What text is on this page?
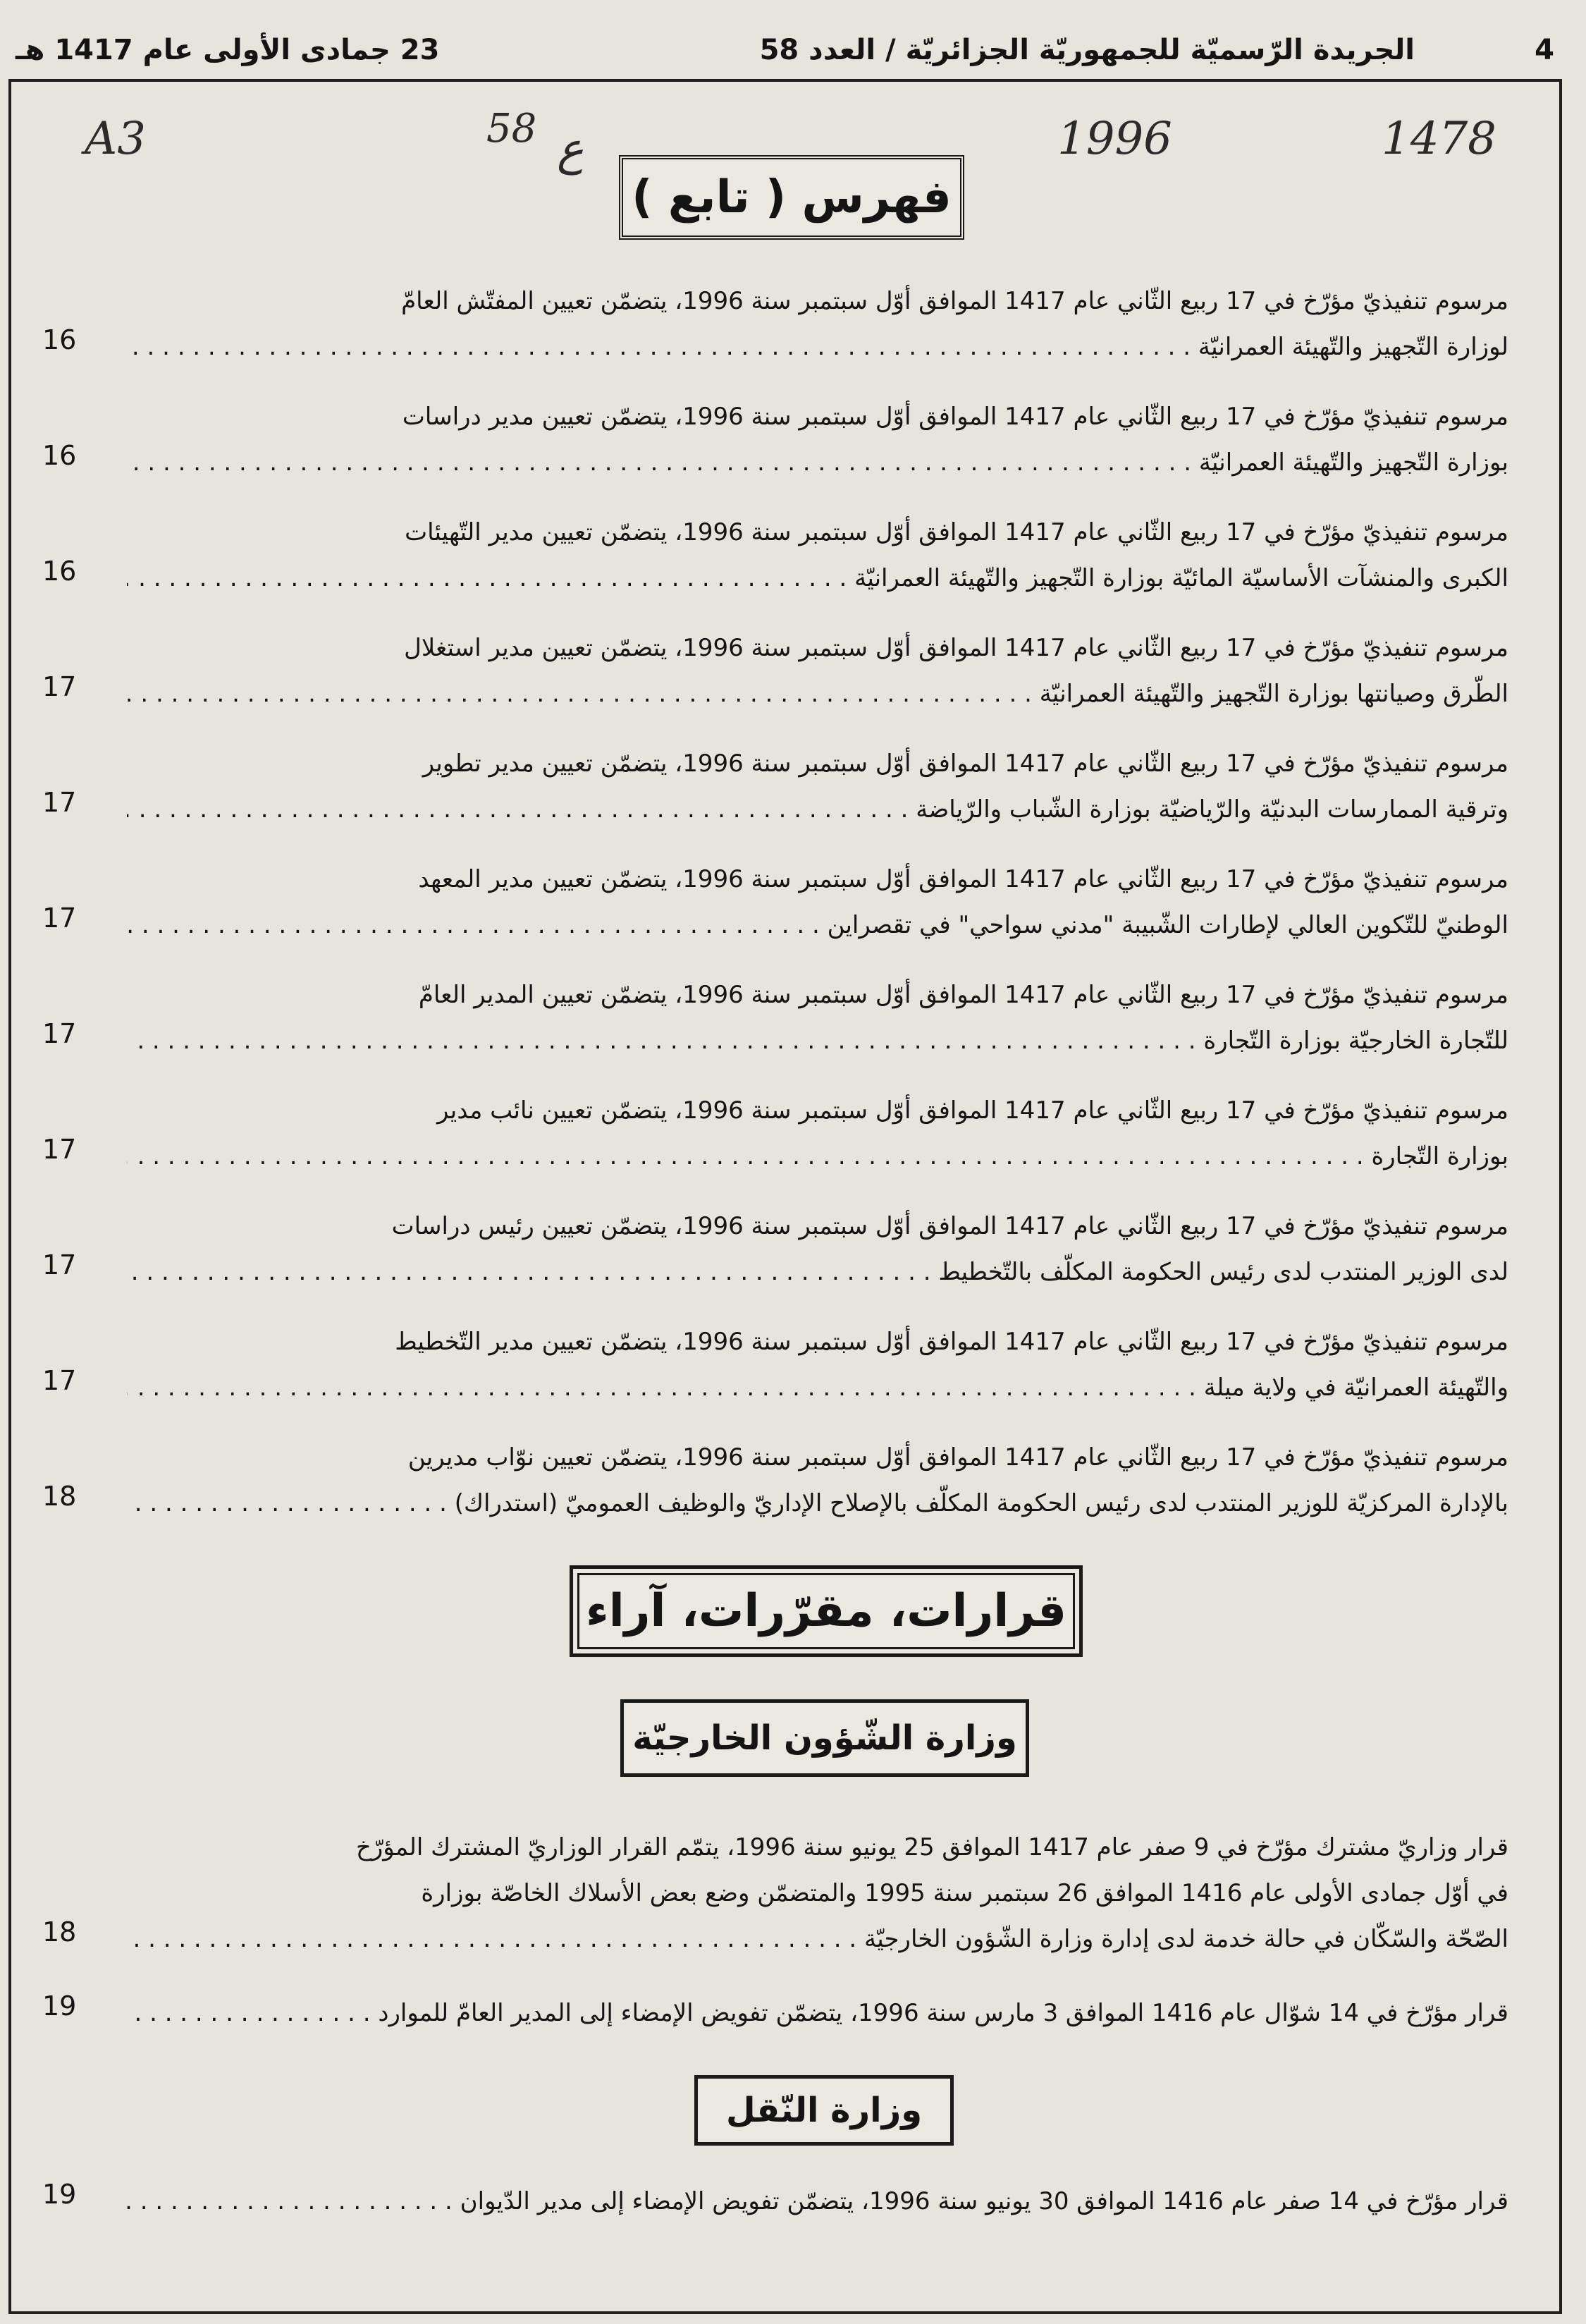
4
الجريدة الرّسميّة للجمهوريّة الجزائريّة / العدد 58
23 جمادى الأولى عام 1417 هـ
A3	58 ع	1996	1478
فهرس ( تابع )
مرسوم تنفيذيّ مؤرّخ في 17 ربيع الثّاني عام 1417 الموافق أوّل سبتمبر سنة 1996، يتضمّن تعيين المفتّش العامّ
لوزارة التّجهيز والتّهيئة العمرانيّة . . .
16
مرسوم تنفيذيّ مؤرّخ في 17 ربيع الثّاني عام 1417 الموافق أوّل سبتمبر سنة 1996، يتضمّن تعيين مدير دراسات
بوزارة التّجهيز والتّهيئة العمرانيّة . . .
16
مرسوم تنفيذيّ مؤرّخ في 17 ربيع الثّاني عام 1417 الموافق أوّل سبتمبر سنة 1996، يتضمّن تعيين مدير التّهيئات
الكبرى والمنشآت الأساسيّة المائيّة بوزارة التّجهيز والتّهيئة العمرانيّة . . .
16
مرسوم تنفيذيّ مؤرّخ في 17 ربيع الثّاني عام 1417 الموافق أوّل سبتمبر سنة 1996، يتضمّن تعيين مدير استغلال
الطّرق وصيانتها بوزارة التّجهيز والتّهيئة العمرانيّة . . .
17
مرسوم تنفيذيّ مؤرّخ في 17 ربيع الثّاني عام 1417 الموافق أوّل سبتمبر سنة 1996، يتضمّن تعيين مدير تطوير
وترقية الممارسات البدنيّة والرّياضيّة بوزارة الشّباب والرّياضة . . .
17
مرسوم تنفيذيّ مؤرّخ في 17 ربيع الثّاني عام 1417 الموافق أوّل سبتمبر سنة 1996، يتضمّن تعيين مدير المعهد
الوطنيّ للتّكوين العالي لإطارات الشّبيبة "مدني سواحي" في تقصراين . . .
17
مرسوم تنفيذيّ مؤرّخ في 17 ربيع الثّاني عام 1417 الموافق أوّل سبتمبر سنة 1996، يتضمّن تعيين المدير العامّ
للتّجارة الخارجيّة بوزارة التّجارة . . .
17
مرسوم تنفيذيّ مؤرّخ في 17 ربيع الثّاني عام 1417 الموافق أوّل سبتمبر سنة 1996، يتضمّن تعيين نائب مدير
بوزارة التّجارة . . .
17
مرسوم تنفيذيّ مؤرّخ في 17 ربيع الثّاني عام 1417 الموافق أوّل سبتمبر سنة 1996، يتضمّن تعيين رئيس دراسات
لدى الوزير المنتدب لدى رئيس الحكومة المكلّف بالتّخطيط . . .
17
مرسوم تنفيذيّ مؤرّخ في 17 ربيع الثّاني عام 1417 الموافق أوّل سبتمبر سنة 1996، يتضمّن تعيين مدير التّخطيط
والتّهيئة العمرانيّة في ولاية ميلة . . .
17
مرسوم تنفيذيّ مؤرّخ في 17 ربيع الثّاني عام 1417 الموافق أوّل سبتمبر سنة 1996، يتضمّن تعيين نوّاب مديرين
بالإدارة المركزيّة للوزير المنتدب لدى رئيس الحكومة المكلّف بالإصلاح الإداريّ والوظيف العموميّ (استدراك) . . .
18
قرار وزاريّ مشترك مؤرّخ في 9 صفر عام 1417 الموافق 25 يونيو سنة 1996، يتمّم القرار الوزاريّ المشترك المؤرّخ
في أوّل جمادى الأولى عام 1416 الموافق 26 سبتمبر سنة 1995 والمتضمّن وضع بعض الأسلاك الخاصّة بوزارة
الصّحّة والسّكّان في حالة خدمة لدى إدارة وزارة الشّؤون الخارجيّة . . .
18
قرار مؤرّخ في 14 شوّال عام 1416 الموافق 3 مارس سنة 1996، يتضمّن تفويض الإمضاء إلى المدير العامّ للموارد . . .
19
قرار مؤرّخ في 14 صفر عام 1416 الموافق 30 يونيو سنة 1996، يتضمّن تفويض الإمضاء إلى مدير الدّيوان . . .
19
قرارات، مقرّرات، آراء
وزارة الشّؤون الخارجيّة
وزارة النّقل
